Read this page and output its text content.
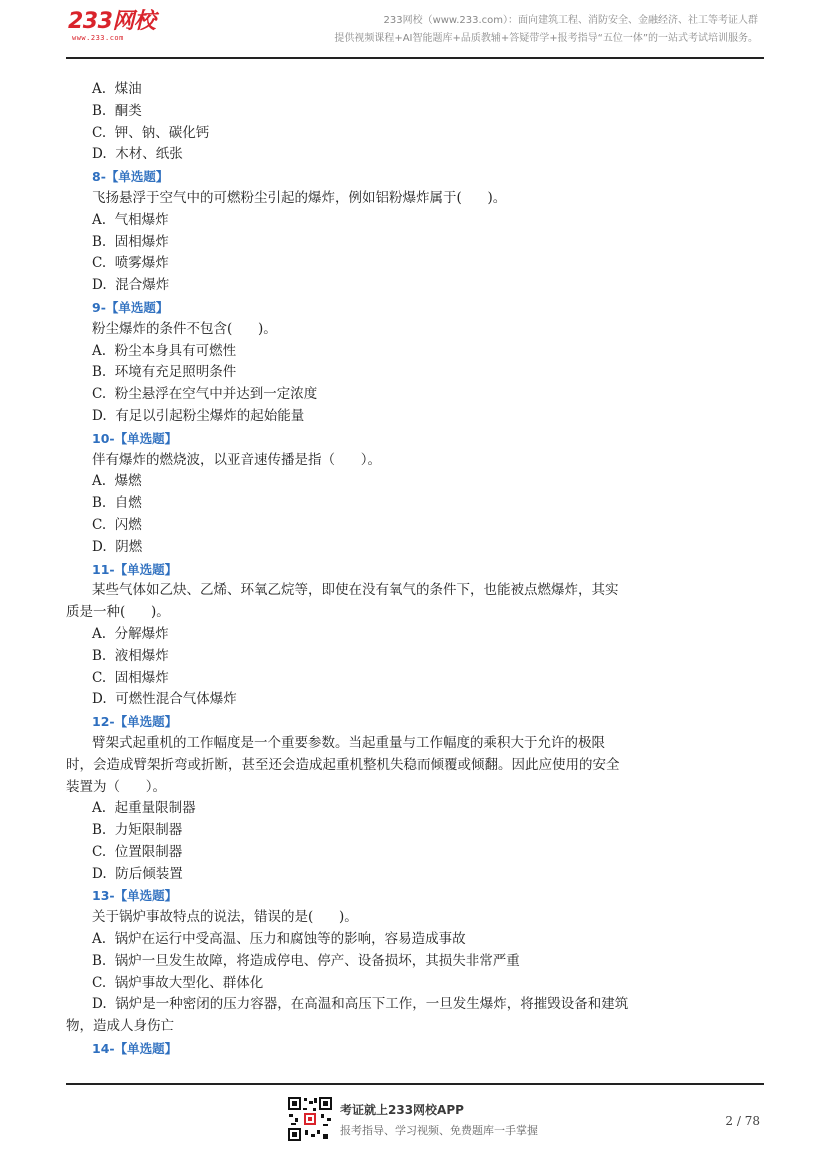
233网校
www.233.com
233网校（www.233.com）：面向建筑工程、消防安全、金融经济、社工等考证人群
提供视频课程+AI智能题库+品质教辅+答疑带学+报考指导“五位一体”的一站式考试培训服务。
A.  煤油
B.  酮类
C.  钾、钠、碳化钙
D.  木材、纸张
8-【单选题】
飞扬悬浮于空气中的可燃粉尘引起的爆炸，例如铝粉爆炸属于(      )。
A.  气相爆炸
B.  固相爆炸
C.  喷雾爆炸
D.  混合爆炸
9-【单选题】
粉尘爆炸的条件不包含(      )。
A.  粉尘本身具有可燃性
B.  环境有充足照明条件
C.  粉尘悬浮在空气中并达到一定浓度
D.  有足以引起粉尘爆炸的起始能量
10-【单选题】
伴有爆炸的燃烧波，以亚音速传播是指（      ）。
A.  爆燃
B.  自燃
C.  闪燃
D.  阴燃
11-【单选题】
某些气体如乙炔、乙烯、环氧乙烷等，即使在没有氧气的条件下，也能被点燃爆炸，其实
质是一种(      )。
A.  分解爆炸
B.  液相爆炸
C.  固相爆炸
D.  可燃性混合气体爆炸
12-【单选题】
臂架式起重机的工作幅度是一个重要参数。当起重量与工作幅度的乘积大于允许的极限
时，会造成臂架折弯或折断，甚至还会造成起重机整机失稳而倾覆或倾翻。因此应使用的安全
装置为（      ）。
A.  起重量限制器
B.  力矩限制器
C.  位置限制器
D.  防后倾装置
13-【单选题】
关于锅炉事故特点的说法，错误的是(      )。
A.  锅炉在运行中受高温、压力和腐蚀等的影响，容易造成事故
B.  锅炉一旦发生故障，将造成停电、停产、设备损坏，其损失非常严重
C.  锅炉事故大型化、群体化
D.  锅炉是一种密闭的压力容器，在高温和高压下工作，一旦发生爆炸，将摧毁设备和建筑
物，造成人身伤亡
14-【单选题】
考证就上233网校APP
报考指导、学习视频、免费题库一手掌握
2 / 78
